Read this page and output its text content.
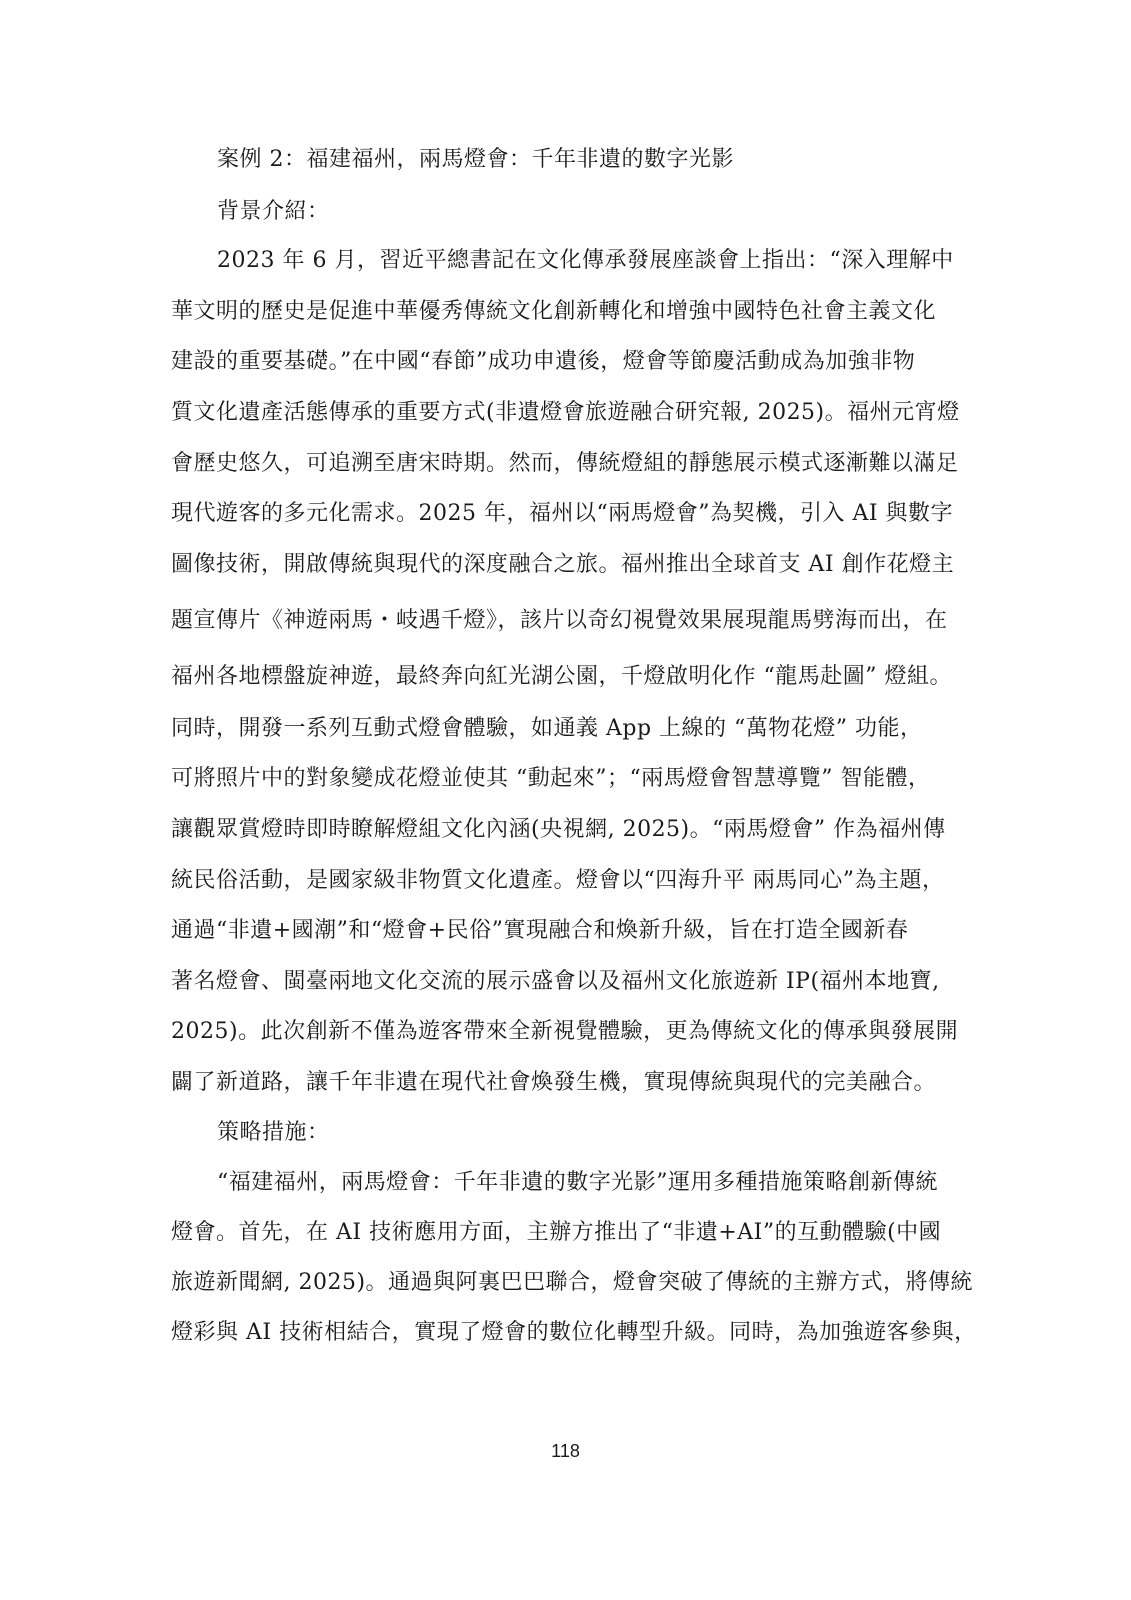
案例 2：福建福州，兩馬燈會：千年非遺的數字光影
背景介紹：
2023 年 6 月，習近平總書記在文化傳承發展座談會上指出：“深入理解中
華文明的歷史是促進中華優秀傳統文化創新轉化和增強中國特色社會主義文化
建設的重要基礎。”在中國“春節”成功申遺後，燈會等節慶活動成為加強非物
質文化遺產活態傳承的重要方式(非遺燈會旅遊融合研究報, 2025)。福州元宵燈
會歷史悠久，可追溯至唐宋時期。然而，傳統燈組的靜態展示模式逐漸難以滿足
現代遊客的多元化需求。2025 年，福州以“兩馬燈會”為契機，引入 AI 與數字
圖像技術，開啟傳統與現代的深度融合之旅。福州推出全球首支 AI 創作花燈主
題宣傳片《神遊兩馬・岐遇千燈》，該片以奇幻視覺效果展現龍馬劈海而出，在
福州各地標盤旋神遊，最終奔向紅光湖公園，千燈啟明化作 “龍馬赴圖” 燈組。
同時，開發一系列互動式燈會體驗，如通義 App 上線的 “萬物花燈” 功能，
可將照片中的對象變成花燈並使其 “動起來”；“兩馬燈會智慧導覽” 智能體，
讓觀眾賞燈時即時瞭解燈組文化內涵(央視網, 2025)。“兩馬燈會” 作為福州傳
統民俗活動，是國家級非物質文化遺產。燈會以“四海升平 兩馬同心”為主題，
通過“非遺+國潮”和“燈會+民俗”實現融合和煥新升級，旨在打造全國新春
著名燈會、閩臺兩地文化交流的展示盛會以及福州文化旅遊新 IP(福州本地寶,
2025)。此次創新不僅為遊客帶來全新視覺體驗，更為傳統文化的傳承與發展開
闢了新道路，讓千年非遺在現代社會煥發生機，實現傳統與現代的完美融合。
策略措施：
“福建福州，兩馬燈會：千年非遺的數字光影”運用多種措施策略創新傳統
燈會。首先，在 AI 技術應用方面，主辦方推出了“非遺+AI”的互動體驗(中國
旅遊新聞網, 2025)。通過與阿裏巴巴聯合，燈會突破了傳統的主辦方式，將傳統
燈彩與 AI 技術相結合，實現了燈會的數位化轉型升級。同時，為加強遊客參與，
118
